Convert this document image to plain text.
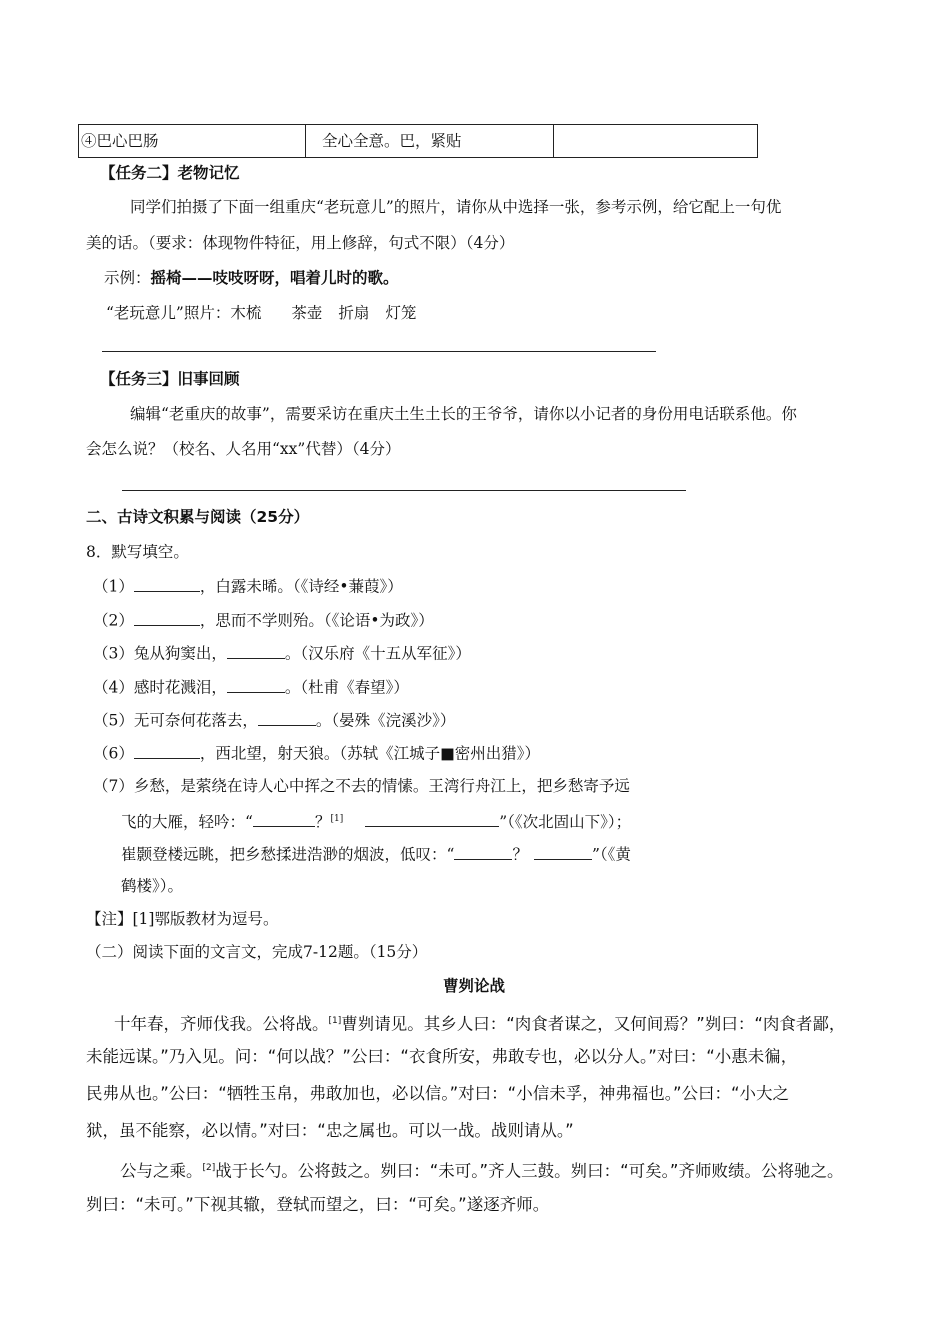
④巴心巴肠	全心全意。巴，紧贴	
【任务二】老物记忆
同学们拍摄了下面一组重庆“老玩意儿”的照片，请你从中选择一张，参考示例，给它配上一句优
美的话。（要求：体现物件特征，用上修辞，句式不限）（4分）
示例：摇椅——吱吱呀呀，唱着儿时的歌。
“老玩意儿”照片：木梳 茶壶 折扇 灯笼
【任务三】旧事回顾
编辑“老重庆的故事”，需要采访在重庆土生土长的王爷爷，请你以小记者的身份用电话联系他。你
会怎么说？（校名、人名用“xx”代替）（4分）
二、古诗文积累与阅读（25分）
8．默写填空。
（1）	，白露未晞。（《诗经•蒹葭》）
（2）	，思而不学则殆。（《论语•为政》）
（3）兔从狗窦出，	。（汉乐府《十五从军征》）
（4）感时花溅泪，	。（杜甫《春望》）
（5）无可奈何花落去，	。（晏殊《浣溪沙》）
（6）	，西北望，射天狼。（苏轼《江城子■密州出猎》）
（7）乡愁，是萦绕在诗人心中挥之不去的情愫。王湾行舟江上，把乡愁寄予远
飞的大雁，轻吟：“	？[1]	”（《次北固山下》）；
崔颢登楼远眺，把乡愁揉进浩渺的烟波，低叹：“	？	”（《黄
鹤楼》）。
【注】[1]鄂版教材为逗号。
（二）阅读下面的文言文，完成7-12题。（15分）
曹刿论战
十年春，齐师伐我。公将战。[1]曹刿请见。其乡人曰：“肉食者谋之，又何间焉？”刿曰：“肉食者鄙，
未能远谋。”乃入见。问：“何以战？”公曰：“衣食所安，弗敢专也，必以分人。”对曰：“小惠未徧，
民弗从也。”公曰：“牺牲玉帛，弗敢加也，必以信。”对曰：“小信未孚，神弗福也。”公曰：“小大之
狱，虽不能察，必以情。”对曰：“忠之属也。可以一战。战则请从。”
公与之乘。[2]战于长勺。公将鼓之。刿曰：“未可。”齐人三鼓。刿曰：“可矣。”齐师败绩。公将驰之。
刿曰：“未可。”下视其辙，登轼而望之，曰：“可矣。”遂逐齐师。
